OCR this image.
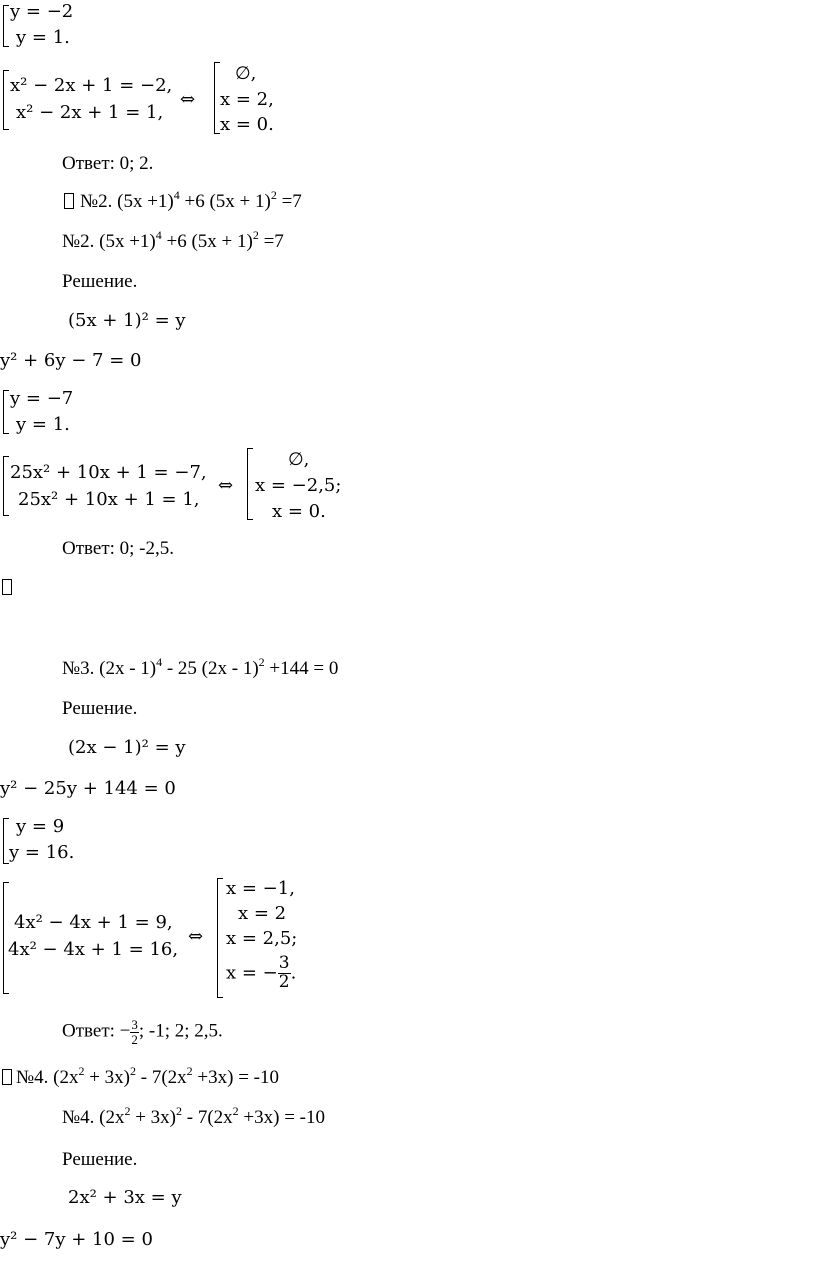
y = −2
y = 1.
x² − 2x + 1 = −2,
x² − 2x + 1 = 1,
⇔
∅,
x = 2,
x = 0.
Ответ: 0; 2.
№2. $(5x +1)^4 +6$ $(5x + 1)^2 =7$
№2. $(5x +1)^4 +6$ $(5x + 1)^2 =7$
Решение.
(5x + 1)² = y
y² + 6y − 7 = 0
y = −7
y = 1.
25x² + 10x + 1 = −7,
25x² + 10x + 1 = 1,
⇔
∅,
x = −2,5;
x = 0.
Ответ: 0; -2,5.
№3. (2x - 1)$^4$ - 25 (2x - 1)$^2$ +144 = 0
Решение.
(2x − 1)² = y
y² − 25y + 144 = 0
y = 9
y = 16.
4x² − 4x + 1 = 9,
4x² − 4x + 1 = 16,
⇔
x = −1,
x = 2
x = 2,5;
x = − $\frac{3}{2}$ .
Ответ: − $\frac{3}{2}$ ; -1; 2; 2,5.
№4. $(2x^2 + 3x)^2 - 7(2x^2 +3x) = -10$
№4. $(2x^2 + 3x)^2 - 7(2x^2 +3x) = -10$
Решение.
2x² + 3x = y
y² − 7y + 10 = 0
